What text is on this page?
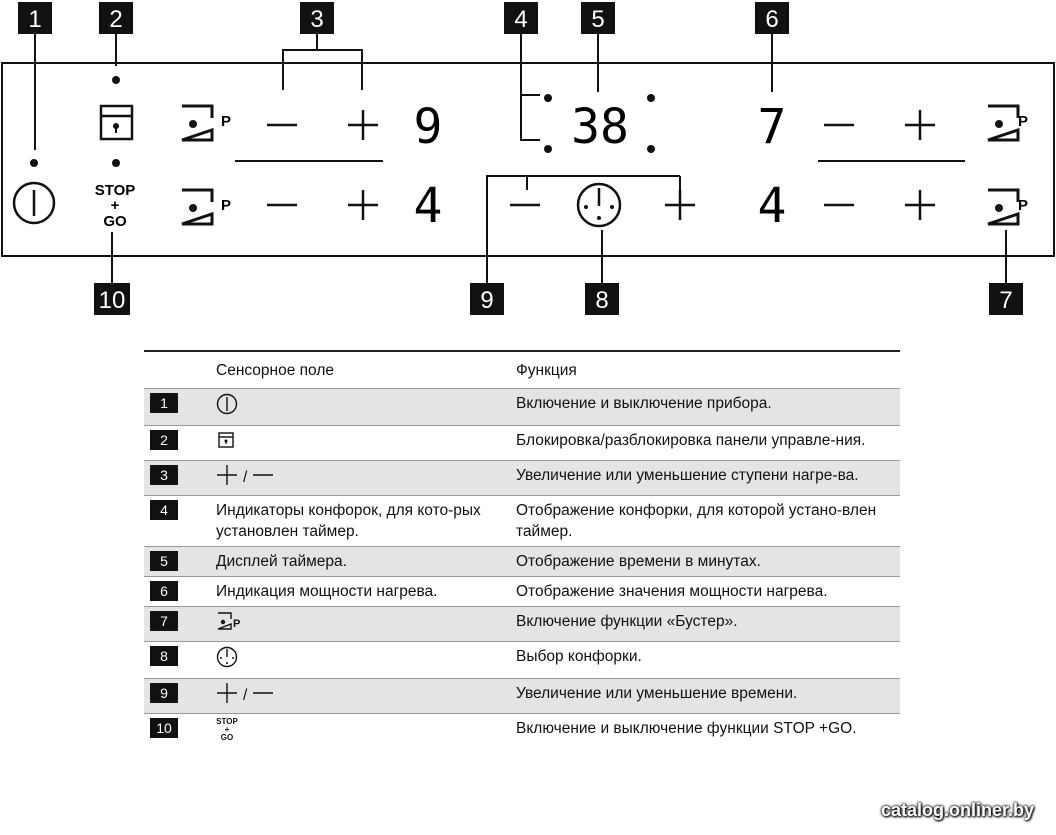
1	2	3	4	5	6
10	9	8	7
STOP
+
GO
P	9
P	4
38	7	P
4	P
	Сенсорное поле	Функция
1		Включение и выключение прибора.
2		Блокировка/разблокировка панели управле-ния.
3	/	Увеличение или уменьшение ступени нагре-ва.
4	Индикаторы конфорок, для кото-рых установлен таймер.	Отображение конфорки, для которой устано-влен таймер.
5	Дисплей таймера.	Отображение времени в минутах.
6	Индикация мощности нагрева.	Отображение значения мощности нагрева.
7	P	Включение функции «Бустер».
8		Выбор конфорки.
9	/	Увеличение или уменьшение времени.
10	STOP + GO	Включение и выключение функции STOP +GO.
catalog.onliner.by
